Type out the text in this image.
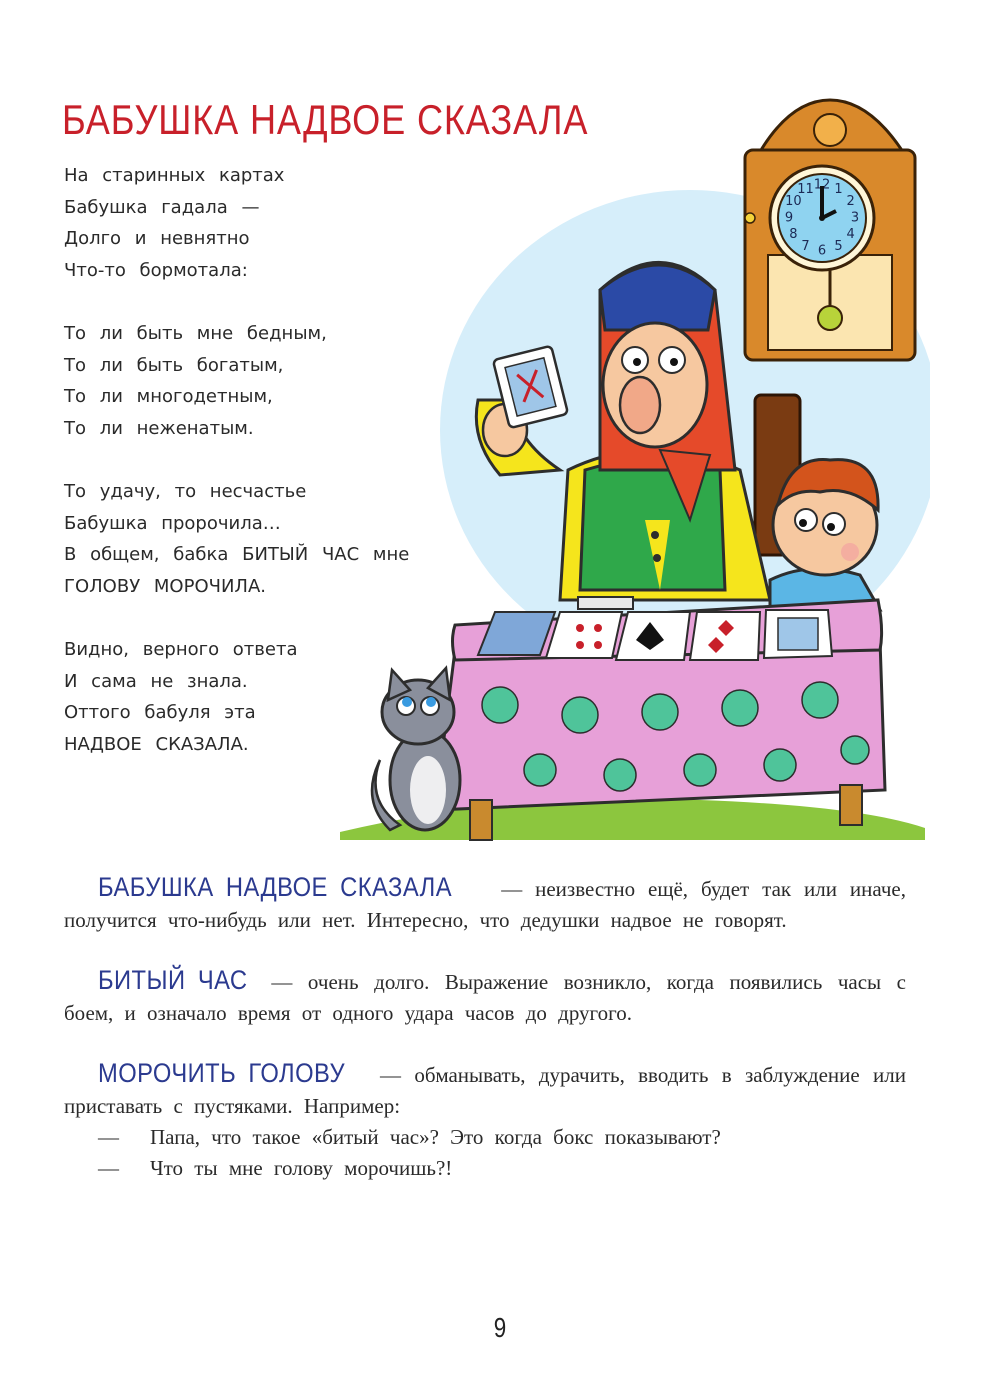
БАБУШКА НАДВОЕ СКАЗАЛА
На старинных картах
Бабушка гадала —
Долго и невнятно
Что-то бормотала:
То ли быть мне бедным,
То ли быть богатым,
То ли многодетным,
То ли неженатым.
То удачу, то несчастье
Бабушка пророчила…
В общем, бабка БИТЫЙ ЧАС мне
ГОЛОВУ МОРОЧИЛА.
Видно, верного ответа
И сама не знала.
Оттого бабуля эта
НАДВОЕ СКАЗАЛА.
12 1
2
3
4
5
6
7
8
9
10
11

БАБУШКА НАДВОЕ СКАЗАЛА — неизвестно ещё, будет так или иначе, получится что-нибудь или нет. Интересно, что дедушки надвое не говорят.

БИТЫЙ ЧАС — очень долго. Выражение возникло, когда появились часы с боем, и означало время от одного удара часов до другого.

МОРОЧИТЬ ГОЛОВУ — обманывать, дурачить, вводить в заблуждение или приставать с пустяками. Например:
— Папа, что такое «битый час»? Это когда бокс показывают?
— Что ты мне голову морочишь?!

9
